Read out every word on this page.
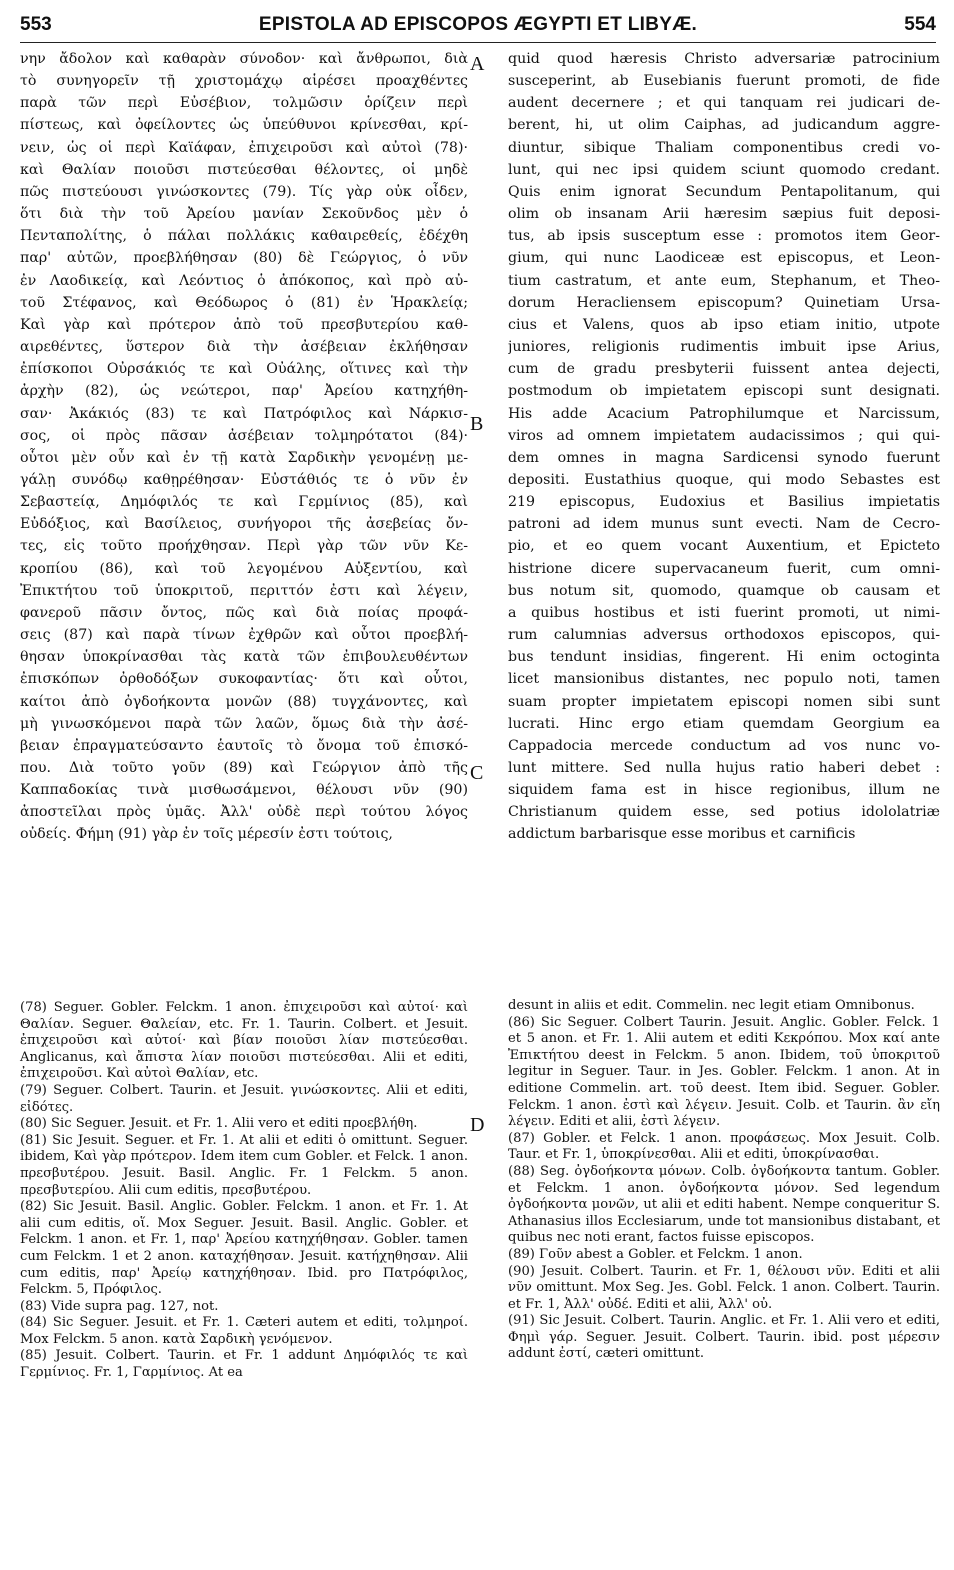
553	EPISTOLA AD EPISCOPOS ÆGYPTI ET LIBYÆ.	554
A
B
C
D
νην ἄδολον καὶ καθαρὰν σύνοδον· καὶ ἄνθρωποι, διὰ
τὸ συνηγορεῖν τῇ χριστομάχῳ αἱρέσει προαχθέντες
παρὰ τῶν περὶ Εὐσέβιον, τολμῶσιν ὁρίζειν περὶ
πίστεως, καὶ ὀφείλοντες ὡς ὑπεύθυνοι κρίνεσθαι, κρί-
νειν, ὡς οἱ περὶ Καϊάφαν, ἐπιχειροῦσι καὶ αὐτοὶ (78)·
καὶ Θαλίαν ποιοῦσι πιστεύεσθαι θέλοντες, οἱ μηδὲ
πῶς πιστεύουσι γινώσκοντες (79). Τίς γὰρ οὐκ οἶδεν,
ὅτι διὰ τὴν τοῦ Ἀρείου μανίαν Σεκοῦνδος μὲν ὁ
Πενταπολίτης, ὁ πάλαι πολλάκις καθαιρεθείς, ἐδέχθη
παρ' αὐτῶν, προεβλήθησαν (80) δὲ Γεώργιος, ὁ νῦν
ἐν Λαοδικείᾳ, καὶ Λεόντιος ὁ ἀπόκοπος, καὶ πρὸ αὐ-
τοῦ Στέφανος, καὶ Θεόδωρος ὁ (81) ἐν Ἡρακλείᾳ;
Καὶ γὰρ καὶ πρότερον ἀπὸ τοῦ πρεσβυτερίου καθ-
αιρεθέντες, ὕστερον διὰ τὴν ἀσέβειαν ἐκλήθησαν
ἐπίσκοποι Οὐρσάκιός τε καὶ Οὐάλης, οἵτινες καὶ τὴν
ἀρχὴν (82), ὡς νεώτεροι, παρ' Ἀρείου κατηχήθη-
σαν· Ἀκάκιός (83) τε καὶ Πατρόφιλος καὶ Νάρκισ-
σος, οἱ πρὸς πᾶσαν ἀσέβειαν τολμηρότατοι (84)·
οὗτοι μὲν οὖν καὶ ἐν τῇ κατὰ Σαρδικὴν γενομένῃ με-
γάλῃ συνόδῳ καθῃρέθησαν· Εὐστάθιός τε ὁ νῦν ἐν
Σεβαστείᾳ, Δημόφιλός τε καὶ Γερμίνιος (85), καὶ
Εὐδόξιος, καὶ Βασίλειος, συνήγοροι τῆς ἀσεβείας ὄν-
τες, εἰς τοῦτο προήχθησαν. Περὶ γὰρ τῶν νῦν Κε-
κροπίου (86), καὶ τοῦ λεγομένου Αὐξεντίου, καὶ
Ἐπικτήτου τοῦ ὑποκριτοῦ, περιττόν ἐστι καὶ λέγειν,
φανεροῦ πᾶσιν ὄντος, πῶς καὶ διὰ ποίας προφά-
σεις (87) καὶ παρὰ τίνων ἐχθρῶν καὶ οὗτοι προεβλή-
θησαν ὑποκρίνασθαι τὰς κατὰ τῶν ἐπιβουλευθέντων
ἐπισκόπων ὀρθοδόξων συκοφαντίας· ὅτι καὶ οὗτοι,
καίτοι ἀπὸ ὀγδοήκοντα μονῶν (88) τυγχάνοντες, καὶ
μὴ γινωσκόμενοι παρὰ τῶν λαῶν, ὅμως διὰ τὴν ἀσέ-
βειαν ἐπραγματεύσαντο ἑαυτοῖς τὸ ὄνομα τοῦ ἐπισκό-
που. Διὰ τοῦτο γοῦν (89) καὶ Γεώργιον ἀπὸ τῆς
Καππαδοκίας τινὰ μισθωσάμενοι, θέλουσι νῦν (90)
ἀποστεῖλαι πρὸς ὑμᾶς. Ἀλλ' οὐδὲ περὶ τούτου λόγος
οὐδείς. Φήμη (91) γὰρ ἐν τοῖς μέρεσίν ἐστι τούτοις,
quid quod hæresis Christo adversariæ patrocinium
susceperint, ab Eusebianis fuerunt promoti, de fide
audent decernere ; et qui tanquam rei judicari de-
berent, hi, ut olim Caiphas, ad judicandum aggre-
diuntur, sibique Thaliam componentibus credi vo-
lunt, qui nec ipsi quidem sciunt quomodo credant.
Quis enim ignorat Secundum Pentapolitanum, qui
olim ob insanam Arii hæresim sæpius fuit deposi-
tus, ab ipsis susceptum esse : promotos item Geor-
gium, qui nunc Laodiceæ est episcopus, et Leon-
tium castratum, et ante eum, Stephanum, et Theo-
dorum Heracliensem episcopum? Quinetiam Ursa-
cius et Valens, quos ab ipso etiam initio, utpote
juniores, religionis rudimentis imbuit ipse Arius,
cum de gradu presbyterii fuissent antea dejecti,
postmodum ob impietatem episcopi sunt designati.
His adde Acacium Patrophilumque et Narcissum,
viros ad omnem impietatem audacissimos ; qui qui-
dem omnes in magna Sardicensi synodo fuerunt
depositi. Eustathius quoque, qui modo Sebastes est
219 episcopus, Eudoxius et Basilius impietatis
patroni ad idem munus sunt evecti. Nam de Cecro-
pio, et eo quem vocant Auxentium, et Epicteto
histrione dicere supervacaneum fuerit, cum omni-
bus notum sit, quomodo, quamque ob causam et
a quibus hostibus et isti fuerint promoti, ut nimi-
rum calumnias adversus orthodoxos episcopos, qui-
bus tendunt insidias, fingerent. Hi enim octoginta
licet mansionibus distantes, nec populo noti, tamen
suam propter impietatem episcopi nomen sibi sunt
lucrati. Hinc ergo etiam quemdam Georgium ea
Cappadocia mercede conductum ad vos nunc vo-
lunt mittere. Sed nulla hujus ratio haberi debet :
siquidem fama est in hisce regionibus, illum ne
Christianum quidem esse, sed potius idololatriæ
addictum barbarisque esse moribus et carnificis

(78) Seguer. Gobler. Felckm. 1 anon. ἐπιχειροῦσι καὶ αὐτοί· καὶ Θαλίαν. Seguer. Θαλείαν, etc. Fr. 1. Taurin. Colbert. et Jesuit. ἐπιχειροῦσι καὶ αὐτοί· καὶ βίαν ποιοῦσι λίαν πιστεύεσθαι. Anglicanus, καὶ ἄπιστα λίαν ποιοῦσι πιστεύεσθαι. Alii et editi, ἐπιχειροῦσι. Καὶ αὐτοὶ Θαλίαν, etc.

(79) Seguer. Colbert. Taurin. et Jesuit. γινώσκοντες. Alii et editi, εἰδότες.

(80) Sic Seguer. Jesuit. et Fr. 1. Alii vero et editi προεβλήθη.

(81) Sic Jesuit. Seguer. et Fr. 1. At alii et editi ὁ omittunt. Seguer. ibidem, Καὶ γὰρ πρότερον. Idem item cum Gobler. et Felck. 1 anon. πρεσβυτέρου. Jesuit. Basil. Anglic. Fr. 1 Felckm. 5 anon. πρεσβυτερίου. Alii cum editis, πρεσβυτέρου.

(82) Sic Jesuit. Basil. Anglic. Gobler. Felckm. 1 anon. et Fr. 1. At alii cum editis, οἵ. Mox Seguer. Jesuit. Basil. Anglic. Gobler. et Felckm. 1 anon. et Fr. 1, παρ' Ἀρείου κατηχήθησαν. Gobler. tamen cum Felckm. 1 et 2 anon. καταχήθησαν. Jesuit. κατήχηθησαν. Alii cum editis, παρ' Ἀρείῳ κατηχήθησαν. Ibid. pro Πατρόφιλος, Felckm. 5, Πρόφιλος.

(83) Vide supra pag. 127, not.

(84) Sic Seguer. Jesuit. et Fr. 1. Cæteri autem et editi, τολμηροί. Mox Felckm. 5 anon. κατὰ Σαρδικὴ γενόμενον.

(85) Jesuit. Colbert. Taurin. et Fr. 1 addunt Δημόφιλός τε καὶ Γερμίνιος. Fr. 1, Γαρμίνιος. At ea

desunt in aliis et edit. Commelin. nec legit etiam Omnibonus.

(86) Sic Seguer. Colbert Taurin. Jesuit. Anglic. Gobler. Felck. 1 et 5 anon. et Fr. 1. Alii autem et editi Κεκρόπου. Mox καί ante Ἐπικτήτου deest in Felckm. 5 anon. Ibidem, τοῦ ὑποκριτοῦ legitur in Seguer. Taur. in Jes. Gobler. Felckm. 1 anon. At in editione Commelin. art. τοῦ deest. Item ibid. Seguer. Gobler. Felckm. 1 anon. ἐστὶ καὶ λέγειν. Jesuit. Colb. et Taurin. ἂν εἴη λέγειν. Editi et alii, ἐστὶ λέγειν.

(87) Gobler. et Felck. 1 anon. προφάσεως. Mox Jesuit. Colb. Taur. et Fr. 1, ὑποκρίνεσθαι. Alii et editi, ὑποκρίνασθαι.

(88) Seg. ὀγδοήκοντα μόνων. Colb. ὀγδοήκοντα tantum. Gobler. et Felckm. 1 anon. ὀγδοήκοντα μόνον. Sed legendum ὀγδοήκοντα μονῶν, ut alii et editi habent. Nempe conqueritur S. Athanasius illos Ecclesiarum, unde tot mansionibus distabant, et quibus nec noti erant, factos fuisse episcopos.

(89) Γοῦν abest a Gobler. et Felckm. 1 anon.

(90) Jesuit. Colbert. Taurin. et Fr. 1, θέλουσι νῦν. Editi et alii νῦν omittunt. Mox Seg. Jes. Gobl. Felck. 1 anon. Colbert. Taurin. et Fr. 1, Ἀλλ' οὐδέ. Editi et alii, Ἀλλ' οὐ.

(91) Sic Jesuit. Colbert. Taurin. Anglic. et Fr. 1. Alii vero et editi, Φημὶ γάρ. Seguer. Jesuit. Colbert. Taurin. ibid. post μέρεσιν addunt ἐστί, cæteri omittunt.
